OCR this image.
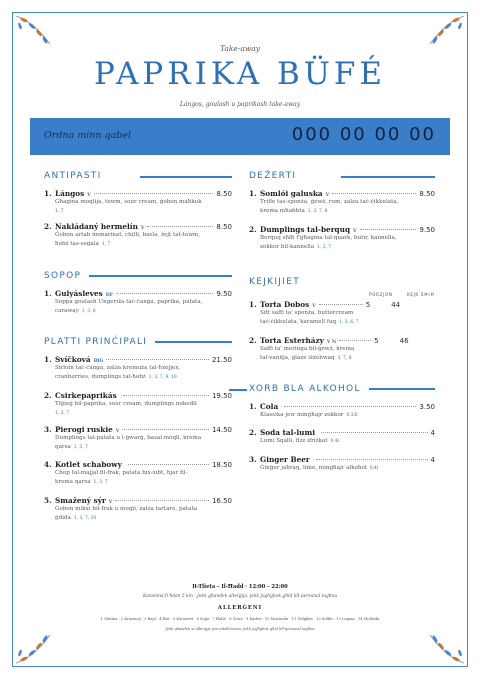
Take-away
PAPRIKA BÜFÉ
Lángos, goulash u paprikash take-away
Ordna minn qabel	000 00 00 00
ANTIPASTI
1. Lángos V	8.50
Għagina moqlija, tewm, sour cream, ġobon maħkuk
1, 7
2. Nakládaný hermelín V	8.50
Ġobon artab immarinat, chilli, basla, żejt tat-tewm,
ħobż tas-segala 1, 7
SOPOP
1. Gulyásleves DF	9.50
Soppa goulash Ungeriża taċ-ċanga, paprika, patata,
caraway 1, 3, 6
PLATTI PRINĊIPALI
1. Svíčková BIG	21.50
Sirloin taċ-ċanga, zalza kremuża tal-ħxejjex,
cranberries, dumplings tal-ħobż 1, 3, 7, 9, 10
2. Csirkepaprikás	19.50
Tiġieġ bil-paprika, sour cream, dumplings nokedli
1, 3, 7
3. Pierogi ruskie V	14.50
Dumplings tal-patata u l-ġwarġ, basal moqli, krema
qarsa 1, 3, 7
4. Kotlet schabowy	18.50
Chop tal-majjal fil-frak, patata bix-xibt, ħjar fil-
krema qarsa 1, 3, 7
5. Smažený sýr V	16.50
Ġobon mikxi bil-frak u moqli, zalza tartare, patata
ġdida 1, 3, 7, 10
DEŻERTI
1. Somlói galuska V	8.50
Trifle tas-sponża, ġewż, rum, zalza taċ-ċikkulata,
krema mħabbta 1, 3, 7, 8
2. Dumplings tal-berquq V	9.50
Berquq sħiħ f'għagina tal-quark, butir, kannella,
zokkor bil-kannella 1, 3, 7
KEJKIJIET
PORZJON	KEJK SĦIĦ
1. Torta Dobos V	5	44
Sitt saffi ta' sponża, buttercream
taċ-ċikkulata, karamell fuq 1, 3, 6, 7
2. Torta Esterházy V N	5	46
Saffi ta' meringa bil-ġewż, krema
tal-vanilja, glaze iżżebwaq 3, 7, 8
XORB BLA ALKOHOL
1. Cola	3.50
Klassika jew mingħajr zokkor 0.33l
2. Soda tal-lumi	4
Lumi Sqalli, fizz ifriżkat 0.4l
3. Ginger Beer	4
Ġinġer jaħraq, lime, mingħajr alkoħol 0.4l
It-Tlieta – Il-Ħadd · 12:00 – 22:00
Kunsinna fi ħdan 5 km · Jekk għandek allerġija, jekk jogħġbok għid lill-persunal tagħna
ALLERĠENI
1 Glutina · 2 Krustaċji · 3 Bajd · 4 Ħut · 5 Karawett · 6 Sojja · 7 Ħalib · 8 Ġewż · 9 Karfus · 10 Mustarda · 11 Ġulġlien · 12 Sulfiti · 13 Lupina · 14 Molluski
Jekk għandek xi allerġija jew intolleranza, jekk jogħġbok għid lill-persunal tagħna
